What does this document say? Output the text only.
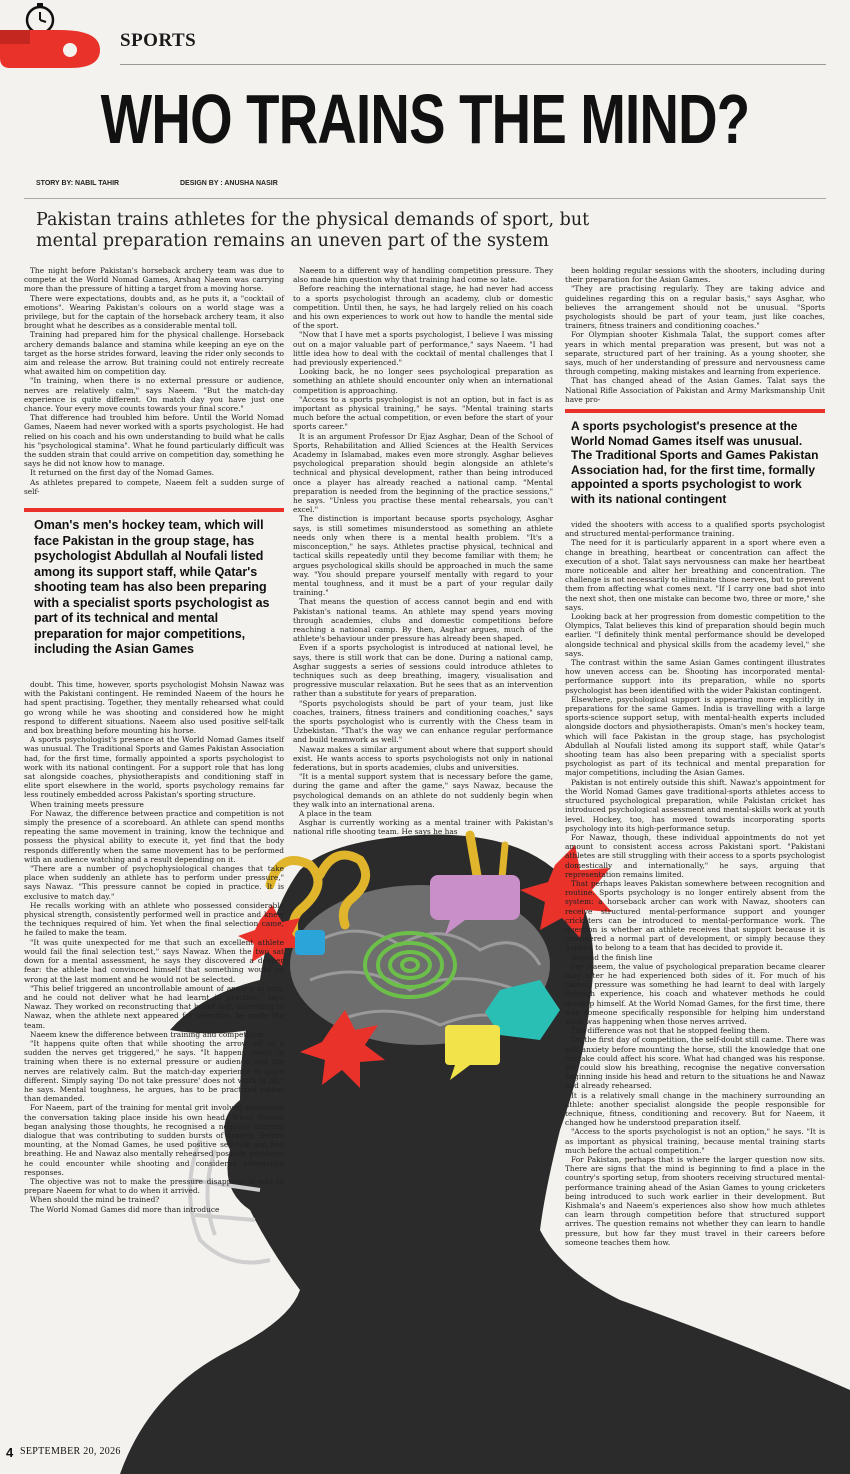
SPORTS
WHO TRAINS THE MIND?
STORY BY: NABIL TAHIR	DESIGN BY : ANUSHA NASIR
Pakistan trains athletes for the physical demands of sport, but mental preparation remains an uneven part of the system

The night before Pakistan's horseback archery team was due to compete at the World Nomad Games, Arshaq Naeem was carrying more than the pressure of hitting a target from a moving horse.

There were expectations, doubts and, as he puts it, a "cocktail of emotions". Wearing Pakistan's colours on a world stage was a privilege, but for the captain of the horseback archery team, it also brought what he describes as a considerable mental toll.

Training had prepared him for the physical challenge. Horseback archery demands balance and stamina while keeping an eye on the target as the horse strides forward, leaving the rider only seconds to aim and release the arrow. But training could not entirely recreate what awaited him on competition day.

"In training, when there is no external pressure or audience, nerves are relatively calm," says Naeem. "But the match-day experience is quite different. On match day you have just one chance. Your every move counts towards your final score."

That difference had troubled him before. Until the World Nomad Games, Naeem had never worked with a sports psychologist. He had relied on his coach and his own understanding to build what he calls his "psychological stamina". What he found particularly difficult was the sudden strain that could arrive on competition day, something he says he did not know how to manage.

It returned on the first day of the Nomad Games.

As athletes prepared to compete, Naeem felt a sudden surge of self-

Oman's men's hockey team, which will face Pakistan in the group stage, has psychologist Abdullah al Noufali listed among its support staff, while Qatar's shooting team has also been preparing with a specialist sports psychologist as part of its technical and mental preparation for major competitions, including the Asian Games

doubt. This time, however, sports psychologist Mohsin Nawaz was with the Pakistani contingent. He reminded Naeem of the hours he had spent practising. Together, they mentally rehearsed what could go wrong while he was shooting and considered how he might respond to different situations. Naeem also used positive self-talk and box breathing before mounting his horse.

A sports psychologist's presence at the World Nomad Games itself was unusual. The Traditional Sports and Games Pakistan Association had, for the first time, formally appointed a sports psychologist to work with its national contingent. For a support role that has long sat alongside coaches, physiotherapists and conditioning staff in elite sport elsewhere in the world, sports psychology remains far less routinely embedded across Pakistan's sporting structure.

When training meets pressure

For Nawaz, the difference between practice and competition is not simply the presence of a scoreboard. An athlete can spend months repeating the same movement in training, know the technique and possess the physical ability to execute it, yet find that the body responds differently when the same movement has to be performed with an audience watching and a result depending on it.

"There are a number of psychophysiological changes that take place when suddenly an athlete has to perform under pressure," says Nawaz. "This pressure cannot be copied in practice. It is exclusive to match day."

He recalls working with an athlete who possessed considerable physical strength, consistently performed well in practice and knew the techniques required of him. Yet when the final selection came, he failed to make the team.

"It was quite unexpected for me that such an excellent athlete would fail the final selection test," says Nawaz. When the two sat down for a mental assessment, he says they discovered a deeper fear: the athlete had convinced himself that something would go wrong at the last moment and he would not be selected.

"This belief triggered an uncontrollable amount of anxiety in him, and he could not deliver what he had learnt in practice," says Nawaz. They worked on reconstructing that belief and, according to Nawaz, when the athlete next appeared for selection, he made the team.

Naeem knew the difference between training and competition.

"It happens quite often that while shooting the arrow, all of a sudden the nerves get triggered," he says. "It happens rarely in training when there is no external pressure or audience and the nerves are relatively calm. But the match-day experience is quite different. Simply saying 'Do not take pressure' does not work at all," he says. Mental toughness, he argues, has to be practised rather than demanded.

For Naeem, part of the training for mental grit involved examining the conversation taking place inside his own head. When Naeem began analysing those thoughts, he recognised a negative internal dialogue that was contributing to sudden bursts of anxiety. Before mounting, at the Nomad Games, he used positive self-talk and box breathing. He and Nawaz also mentally rehearsed possible problems he could encounter while shooting and considered alternative responses.

The objective was not to make the pressure disappear. It was to prepare Naeem for what to do when it arrived.

When should the mind be trained?

The World Nomad Games did more than introduce

Naeem to a different way of handling competition pressure. They also made him question why that training had come so late.

Before reaching the international stage, he had never had access to a sports psychologist through an academy, club or domestic competition. Until then, he says, he had largely relied on his coach and his own experiences to work out how to handle the mental side of the sport.

"Now that I have met a sports psychologist, I believe I was missing out on a major valuable part of performance," says Naeem. "I had little idea how to deal with the cocktail of mental challenges that I had previously experienced."

Looking back, he no longer sees psychological preparation as something an athlete should encounter only when an international competition is approaching.

"Access to a sports psychologist is not an option, but in fact is as important as physical training," he says. "Mental training starts much before the actual competition, or even before the start of your sports career."

It is an argument Professor Dr Ejaz Asghar, Dean of the School of Sports, Rehabilitation and Allied Sciences at the Health Services Academy in Islamabad, makes even more strongly. Asghar believes psychological preparation should begin alongside an athlete's technical and physical development, rather than being introduced once a player has already reached a national camp. "Mental preparation is needed from the beginning of the practice sessions," he says. "Unless you practise these mental rehearsals, you can't excel."

The distinction is important because sports psychology, Asghar says, is still sometimes misunderstood as something an athlete needs only when there is a mental health problem. "It's a misconception," he says. Athletes practise physical, technical and tactical skills repeatedly until they become familiar with them; he argues psychological skills should be approached in much the same way. "You should prepare yourself mentally with regard to your mental toughness, and it must be a part of your regular daily training."

That means the question of access cannot begin and end with Pakistan's national teams. An athlete may spend years moving through academies, clubs and domestic competitions before reaching a national camp. By then, Asghar argues, much of the athlete's behaviour under pressure has already been shaped.

Even if a sports psychologist is introduced at national level, he says, there is still work that can be done. During a national camp, Asghar suggests a series of sessions could introduce athletes to techniques such as deep breathing, imagery, visualisation and progressive muscular relaxation. But he sees that as an intervention rather than a substitute for years of preparation.

"Sports psychologists should be part of your team, just like coaches, trainers, fitness trainers and conditioning coaches," says the sports psychologist who is currently with the Chess team in Uzbekistan. "That's the way we can enhance regular performance and build teamwork as well."

Nawaz makes a similar argument about where that support should exist. He wants access to sports psychologists not only in national federations, but in sports academies, clubs and universities.

"It is a mental support system that is necessary before the game, during the game and after the game," says Nawaz, because the psychological demands on an athlete do not suddenly begin when they walk into an international arena.

A place in the team

Asghar is currently working as a mental trainer with Pakistan's national rifle shooting team. He says he has

been holding regular sessions with the shooters, including during their preparation for the Asian Games.

"They are practising regularly. They are taking advice and guidelines regarding this on a regular basis," says Asghar, who believes the arrangement should not be unusual. "Sports psychologists should be part of your team, just like coaches, trainers, fitness trainers and conditioning coaches."

For Olympian shooter Kishmala Talat, the support comes after years in which mental preparation was present, but was not a separate, structured part of her training. As a young shooter, she says, much of her understanding of pressure and nervousness came through competing, making mistakes and learning from experience.

That has changed ahead of the Asian Games. Talat says the National Rifle Association of Pakistan and Army Marksmanship Unit have pro-

A sports psychologist's presence at the World Nomad Games itself was unusual. The Traditional Sports and Games Pakistan Association had, for the first time, formally appointed a sports psychologist to work with its national contingent

vided the shooters with access to a qualified sports psychologist and structured mental-performance training.

The need for it is particularly apparent in a sport where even a change in breathing, heartbeat or concentration can affect the execution of a shot. Talat says nervousness can make her heartbeat more noticeable and alter her breathing and concentration. The challenge is not necessarily to eliminate those nerves, but to prevent them from affecting what comes next. "If I carry one bad shot into the next shot, then one mistake can become two, three or more," she says.

Looking back at her progression from domestic competition to the Olympics, Talat believes this kind of preparation should begin much earlier. "I definitely think mental performance should be developed alongside technical and physical skills from the academy level," she says.

The contrast within the same Asian Games contingent illustrates how uneven access can be. Shooting has incorporated mental-performance support into its preparation, while no sports psychologist has been identified with the wider Pakistan contingent.

Elsewhere, psychological support is appearing more explicitly in preparations for the same Games. India is travelling with a large sports-science support setup, with mental-health experts included alongside doctors and physiotherapists. Oman's men's hockey team, which will face Pakistan in the group stage, has psychologist Abdullah al Noufali listed among its support staff, while Qatar's shooting team has also been preparing with a specialist sports psychologist as part of its technical and mental preparation for major competitions, including the Asian Games.

Pakistan is not entirely outside this shift. Nawaz's appointment for the World Nomad Games gave traditional-sports athletes access to structured psychological preparation, while Pakistan cricket has introduced psychological assessment and mental-skills work at youth level. Hockey, too, has moved towards incorporating sports psychology into its high-performance setup.

For Nawaz, though, these individual appointments do not yet amount to consistent access across Pakistani sport. "Pakistani athletes are still struggling with their access to a sports psychologist domestically and internationally," he says, arguing that representation remains limited.

That perhaps leaves Pakistan somewhere between recognition and routine. Sports psychology is no longer entirely absent from the system: a horseback archer can work with Nawaz, shooters can receive structured mental-performance support and younger cricketers can be introduced to mental-performance work. The question is whether an athlete receives that support because it is considered a normal part of development, or simply because they happen to belong to a team that has decided to provide it.

Beyond the finish line

For Naeem, the value of psychological preparation became clearer only after he had experienced both sides of it. For much of his career, pressure was something he had learnt to deal with largely through experience, his coach and whatever methods he could develop himself. At the World Nomad Games, for the first time, there was someone specifically responsible for helping him understand what was happening when those nerves arrived.

The difference was not that he stopped feeling them.

On the first day of competition, the self-doubt still came. There was still anxiety before mounting the horse, still the knowledge that one mistake could affect his score. What had changed was his response. He could slow his breathing, recognise the negative conversation beginning inside his head and return to the situations he and Nawaz had already rehearsed.

It is a relatively small change in the machinery surrounding an athlete: another specialist alongside the people responsible for technique, fitness, conditioning and recovery. But for Naeem, it changed how he understood preparation itself.

"Access to the sports psychologist is not an option," he says. "It is as important as physical training, because mental training starts much before the actual competition."

For Pakistan, perhaps that is where the larger question now sits. There are signs that the mind is beginning to find a place in the country's sporting setup, from shooters receiving structured mental-performance training ahead of the Asian Games to young cricketers being introduced to such work earlier in their development. But Kishmala's and Naeem's experiences also show how much athletes can learn through competition before that structured support arrives. The question remains not whether they can learn to handle pressure, but how far they must travel in their careers before someone teaches them how.

4 SEPTEMBER 20, 2026
